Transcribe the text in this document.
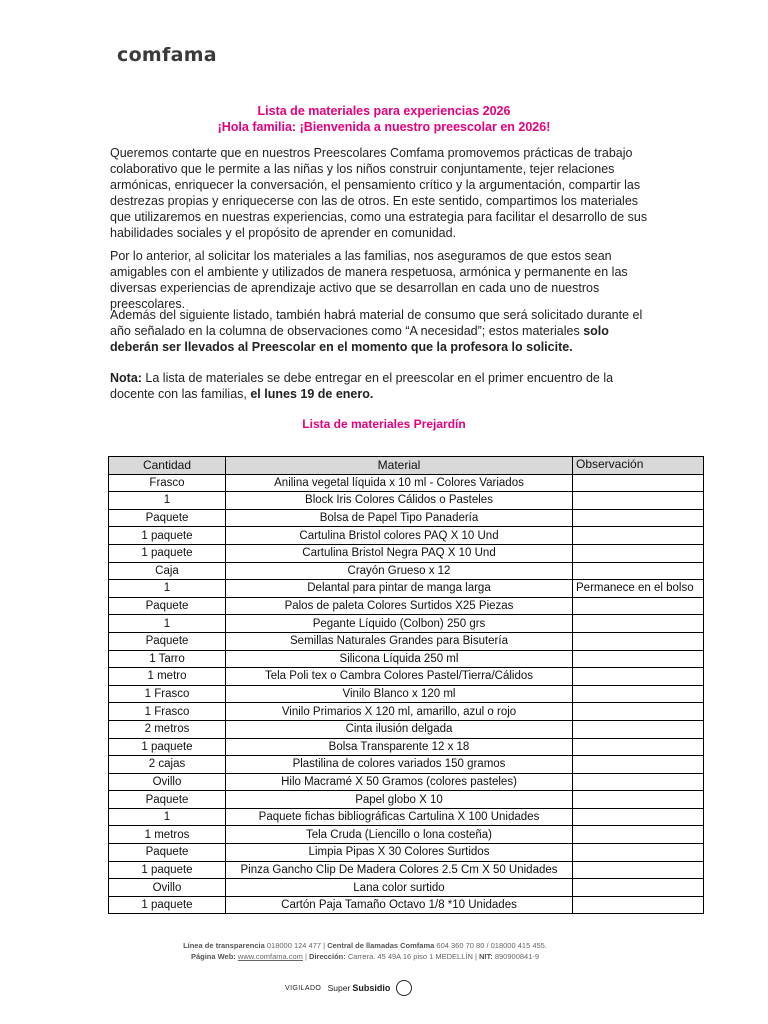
comfama
Lista de materiales para experiencias 2026
¡Hola familia: ¡Bienvenida a nuestro preescolar en 2026!
Queremos contarte que en nuestros Preescolares Comfama promovemos prácticas de trabajo colaborativo que le permite a las niñas y los niños construir conjuntamente, tejer relaciones armónicas, enriquecer la conversación, el pensamiento crítico y la argumentación, compartir las destrezas propias y enriquecerse con las de otros. En este sentido, compartimos los materiales que utilizaremos en nuestras experiencias, como una estrategia para facilitar el desarrollo de sus habilidades sociales y el propósito de aprender en comunidad.
Por lo anterior, al solicitar los materiales a las familias, nos aseguramos de que estos sean amigables con el ambiente y utilizados de manera respetuosa, armónica y permanente en las diversas experiencias de aprendizaje activo que se desarrollan en cada uno de nuestros preescolares.
Además del siguiente listado, también habrá material de consumo que será solicitado durante el año señalado en la columna de observaciones como “A necesidad”; estos materiales solo deberán ser llevados al Preescolar en el momento que la profesora lo solicite.
Nota: La lista de materiales se debe entregar en el preescolar en el primer encuentro de la docente con las familias, el lunes 19 de enero.
Lista de materiales Prejardín
Cantidad	Material	Observación
Frasco	Anilina vegetal líquida x 10 ml - Colores Variados	
1	Block Iris Colores Cálidos o Pasteles	
Paquete	Bolsa de Papel Tipo Panadería	
1 paquete	Cartulina Bristol colores PAQ X 10 Und	
1 paquete	Cartulina Bristol Negra PAQ X 10 Und	
Caja	Crayón Grueso x 12	
1	Delantal para pintar de manga larga	Permanece en el bolso
Paquete	Palos de paleta Colores Surtidos X25 Piezas	
1	Pegante Líquido (Colbon) 250 grs	
Paquete	Semillas Naturales Grandes para Bisutería	
1 Tarro	Silicona Líquida 250 ml	
1 metro	Tela Poli tex o Cambra Colores Pastel/Tierra/Cálidos	
1 Frasco	Vinilo Blanco x 120 ml	
1 Frasco	Vinilo Primarios X 120 ml, amarillo, azul o rojo	
2 metros	Cinta ilusión delgada	
1 paquete	Bolsa Transparente 12 x 18	
2 cajas	Plastilina de colores variados 150 gramos	
Ovillo	Hilo Macramé X 50 Gramos (colores pasteles)	
Paquete	Papel globo X 10	
1	Paquete fichas bibliográficas Cartulina X 100 Unidades	
1 metros	Tela Cruda (Liencillo o lona costeña)	
Paquete	Limpia Pipas X 30 Colores Surtidos	
1 paquete	Pinza Gancho Clip De Madera Colores 2.5 Cm X 50 Unidades	
Ovillo	Lana color surtido	
1 paquete	Cartón Paja Tamaño Octavo 1/8 *10 Unidades	
Línea de transparencia 018000 124 477 | Central de llamadas Comfama 604 360 70 80 / 018000 415 455.
Página Web: www.comfama.com | Dirección: Carrera. 45 49A 16 piso 1 MEDELLÍN | NIT: 890900841-9
VIGILADO
Super Subsidio
